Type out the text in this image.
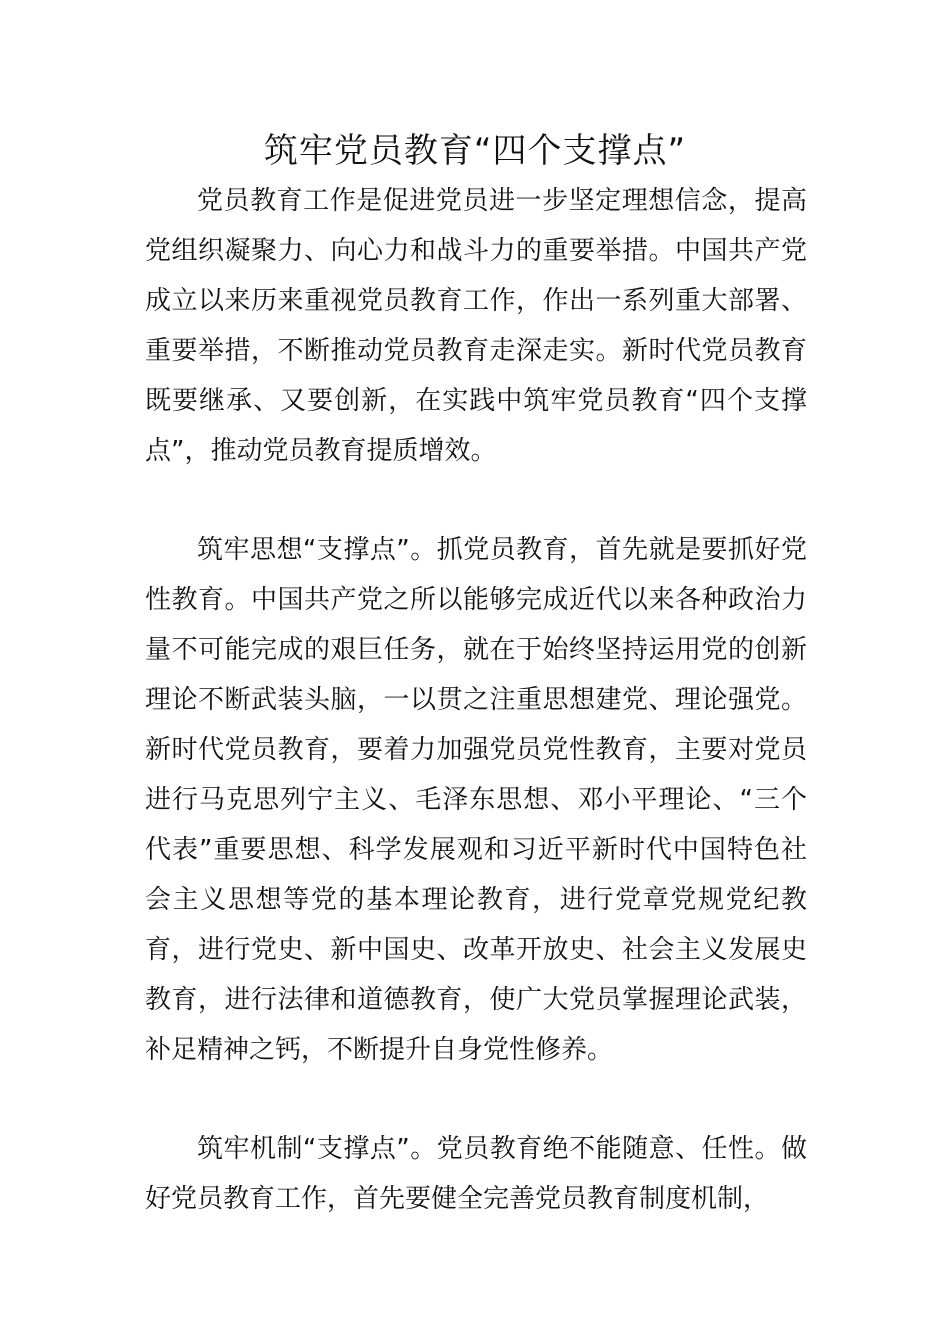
筑牢党员教育“四个支撑点”

党员教育工作是促进党员进一步坚定理想信念，提高党组织凝聚力、向心力和战斗力的重要举措。中国共产党成立以来历来重视党员教育工作，作出一系列重大部署、重要举措，不断推动党员教育走深走实。新时代党员教育既要继承、又要创新，在实践中筑牢党员教育“四个支撑点”，推动党员教育提质增效。

筑牢思想“支撑点”。抓党员教育，首先就是要抓好党性教育。中国共产党之所以能够完成近代以来各种政治力量不可能完成的艰巨任务，就在于始终坚持运用党的创新理论不断武装头脑，一以贯之注重思想建党、理论强党。新时代党员教育，要着力加强党员党性教育，主要对党员进行马克思列宁主义、毛泽东思想、邓小平理论、“三个代表”重要思想、科学发展观和习近平新时代中国特色社会主义思想等党的基本理论教育，进行党章党规党纪教育，进行党史、新中国史、改革开放史、社会主义发展史教育，进行法律和道德教育，使广大党员掌握理论武装，补足精神之钙，不断提升自身党性修养。

筑牢机制“支撑点”。党员教育绝不能随意、任性。做好党员教育工作，首先要健全完善党员教育制度机制，
